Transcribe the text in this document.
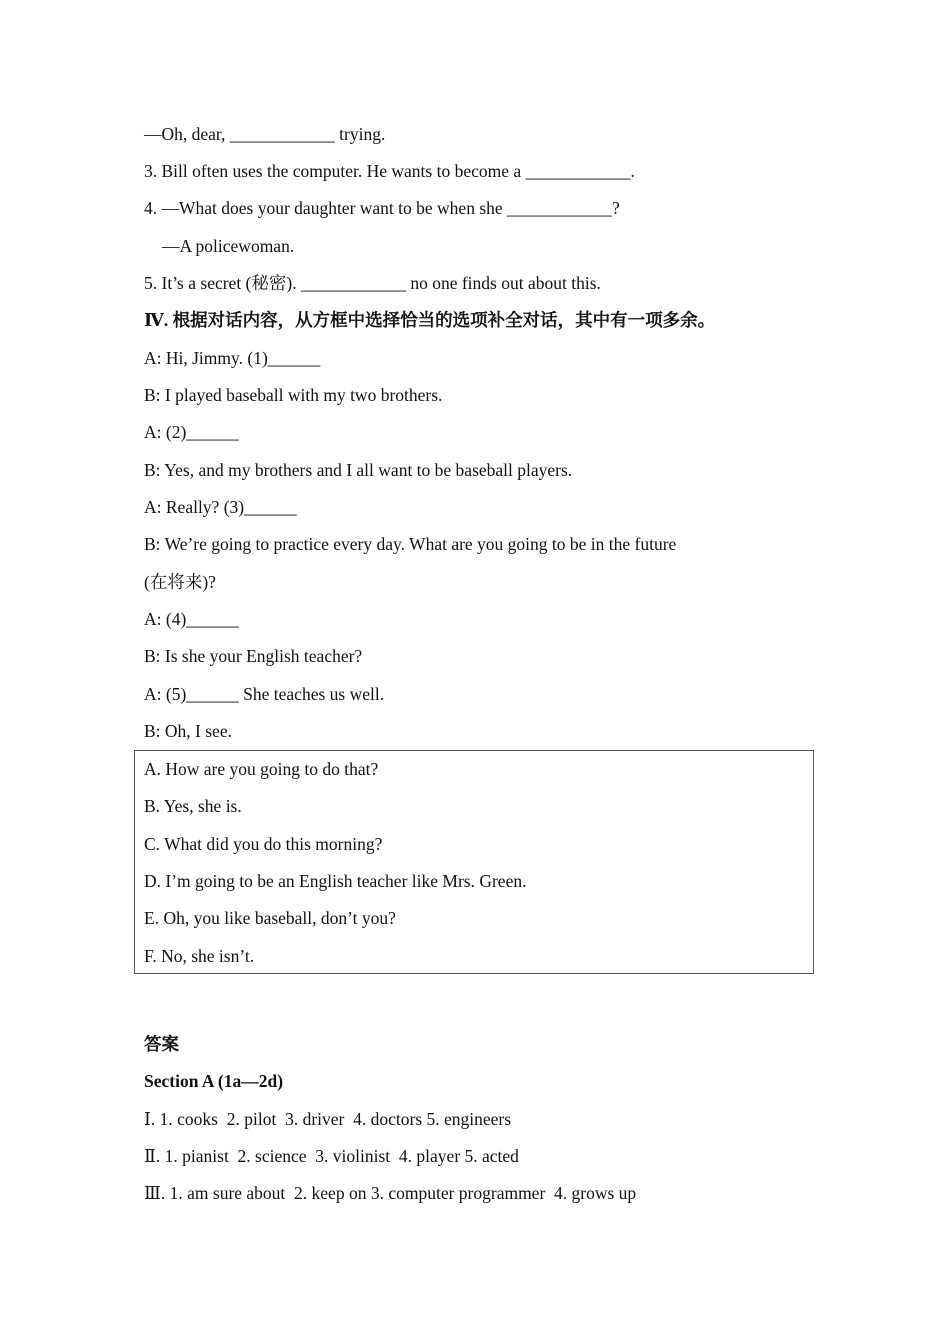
—Oh, dear, ____________ trying.
3. Bill often uses the computer. He wants to become a ____________.
4. —What does your daughter want to be when she ____________?
—A policewoman.
5. It’s a secret (秘密). ____________ no one finds out about this.
Ⅳ. 根据对话内容，从方框中选择恰当的选项补全对话，其中有一项多余。
A: Hi, Jimmy. (1)______
B: I played baseball with my two brothers.
A: (2)______
B: Yes, and my brothers and I all want to be baseball players.
A: Really? (3)______
B: We’re going to practice every day. What are you going to be in the future
(在将来)?
A: (4)______
B: Is she your English teacher?
A: (5)______ She teaches us well.
B: Oh, I see.
A. How are you going to do that?
B. Yes, she is.
C. What did you do this morning?
D. I’m going to be an English teacher like Mrs. Green.
E. Oh, you like baseball, don’t you?
F. No, she isn’t.
答案
Section A (1a—2d)
Ⅰ. 1. cooks  2. pilot  3. driver  4. doctors 5. engineers
Ⅱ. 1. pianist  2. science  3. violinist  4. player 5. acted
Ⅲ. 1. am sure about  2. keep on 3. computer programmer  4. grows up
